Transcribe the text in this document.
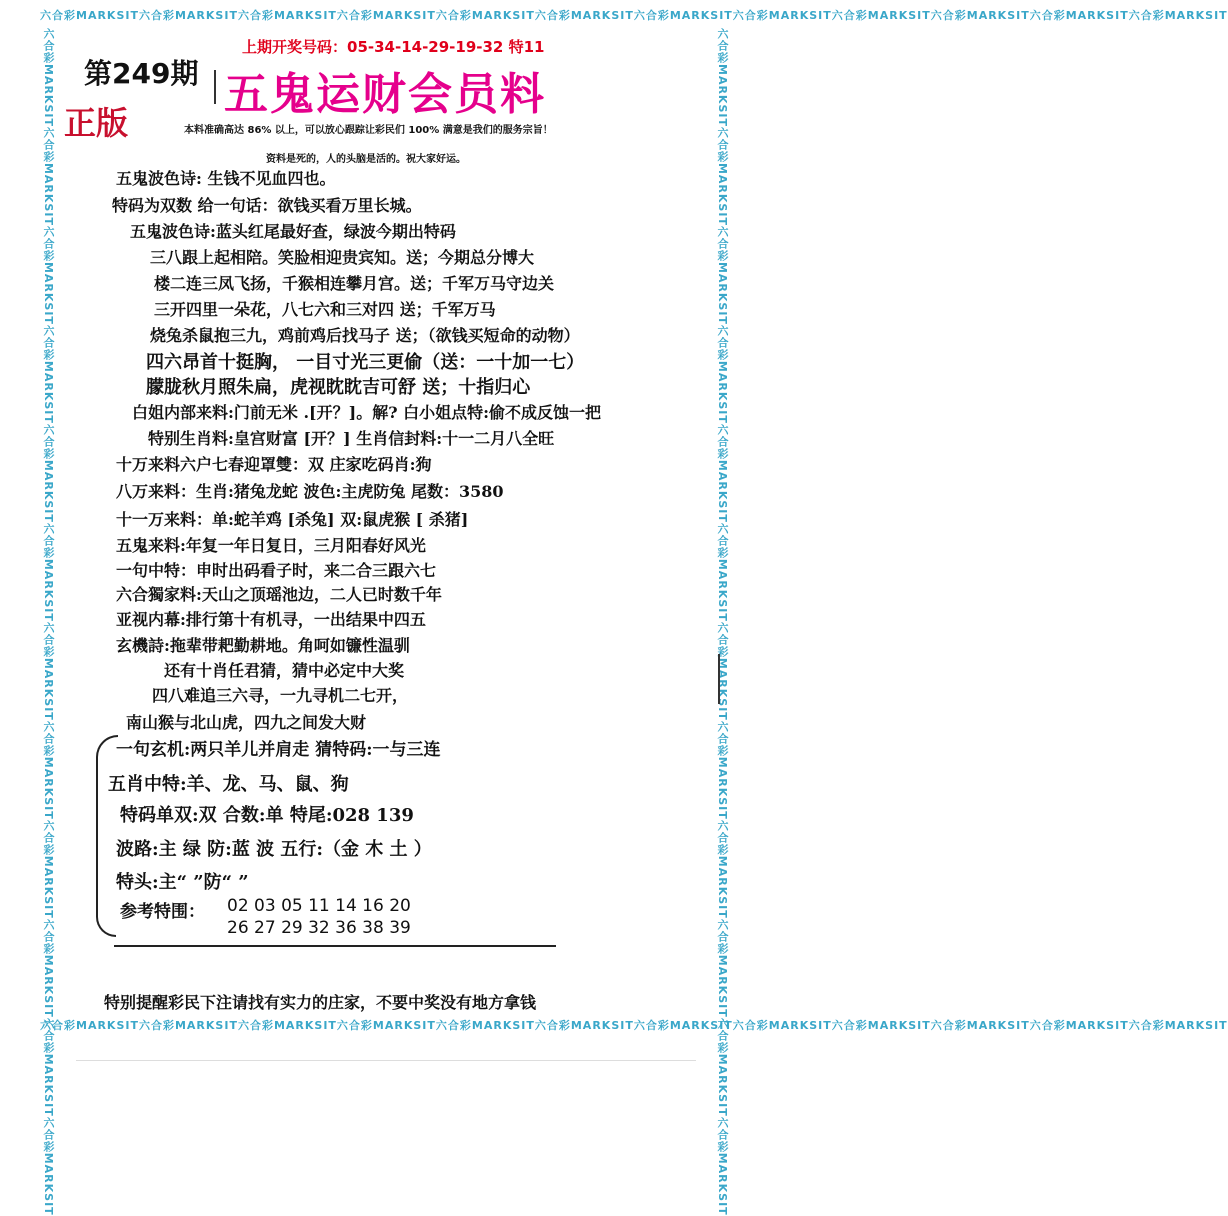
六合彩MARKSIT六合彩MARKSIT六合彩MARKSIT六合彩MARKSIT六合彩MARKSIT六合彩MARKSIT六合彩MARKSIT六合彩MARKSIT六合彩MARKSIT六合彩MARKSIT六合彩MARKSIT六合彩MARKSIT
六合彩MARKSIT六合彩MARKSIT六合彩MARKSIT六合彩MARKSIT六合彩MARKSIT六合彩MARKSIT六合彩MARKSIT六合彩MARKSIT六合彩MARKSIT六合彩MARKSIT六合彩MARKSIT六合彩MARKSIT
六合彩MARKSIT六合彩MARKSIT六合彩MARKSIT六合彩MARKSIT六合彩MARKSIT六合彩MARKSIT六合彩MARKSIT六合彩MARKSIT六合彩MARKSIT六合彩MARKSIT六合彩MARKSIT六合彩MARKSIT	六合彩MARKSIT六合彩MARKSIT六合彩MARKSIT六合彩MARKSIT六合彩MARKSIT六合彩MARKSIT六合彩MARKSIT六合彩MARKSIT六合彩MARKSIT六合彩MARKSIT六合彩MARKSIT六合彩MARKSIT
第249期
正版
上期开奖号码：05-34-14-29-19-32 特11
五鬼运财会员料
本料准确高达 86% 以上，可以放心跟踪让彩民们 100% 满意是我们的服务宗旨！
资料是死的，人的头脑是活的。祝大家好运。
五鬼波色诗: 生钱不见血四也。
特码为双数 给一句话：欲钱买看万里长城。
五鬼波色诗:蓝头红尾最好查，绿波今期出特码
三八跟上起相陪。笑脸相迎贵宾知。送；今期总分博大
楼二连三凤飞扬，千猴相连攀月宫。送；千军万马守边关
三开四里一朵花，八七六和三对四 送；千军万马
烧兔杀鼠抱三九，鸡前鸡后找马子 送；（欲钱买短命的动物）
四六昂首十挺胸， 一目寸光三更偷（送：一十加一七）
朦胧秋月照朱扁，虎视眈眈吉可舒 送；十指归心
白姐内部来料:门前无米 .[开？]。解? 白小姐点特:偷不成反蚀一把
特别生肖料:皇宫财富 [开？] 生肖信封料:十一二月八全旺
十万来料六户七春迎罩雙：双 庄家吃码肖:狗
八万来料：生肖:猪兔龙蛇 波色:主虎防兔 尾数：3580
十一万来料：单:蛇羊鸡 [杀兔] 双:鼠虎猴 [ 杀猪]
五鬼来料:年复一年日复日，三月阳春好风光
一句中特：申时出码看子时，来二合三跟六七
六合獨家料:天山之顶瑶池边，二人已时数千年
亚视内幕:排行第十有机寻，一出结果中四五
玄機詩:拖辈带耙勤耕地。角呵如镰性温驯
还有十肖任君猜，猜中必定中大奖
四八难追三六寻，一九寻机二七开，
南山猴与北山虎，四九之间发大财
一句玄机:两只羊儿并肩走 猜特码:一与三连
五肖中特:羊、龙、马、鼠、狗
特码单双:双 合数:单 特尾:028 139
波路:主 绿 防:蓝 波 五行:（金 木 土 ）
特头:主“ ”防“ ”
参考特围： 02 03 05 11 14 16 20
26 27 29 32 36 38 39
特别提醒彩民下注请找有实力的庄家，不要中奖没有地方拿钱
